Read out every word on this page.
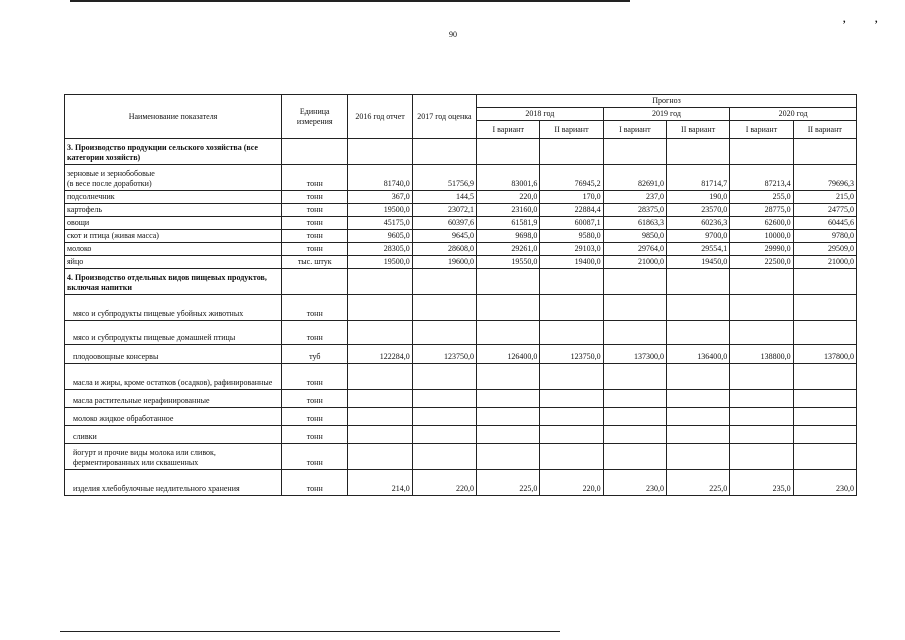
90
,	,
Наименование показателя	Единица измерения	2016 год отчет	2017 год оценка	Прогноз					
				2018 год		2019 год		2020 год	
				I вариант	II вариант	I вариант	II вариант	I вариант	II вариант
3. Производство продукции сельского хозяйства (все категории хозяйств)									
зерновые и зернобобовые
(в весе после доработки)	тонн	81740,0	51756,9	83001,6	76945,2	82691,0	81714,7	87213,4	79696,3
подсолнечник	тонн	367,0	144,5	220,0	170,0	237,0	190,0	255,0	215,0
картофель	тонн	19500,0	23072,1	23160,0	22884,4	28375,0	23570,0	28775,0	24775,0
овощи	тонн	45175,0	60397,6	61581,9	60087,1	61863,3	60236,3	62600,0	60445,6
скот и птица (живая масса)	тонн	9605,0	9645,0	9698,0	9580,0	9850,0	9700,0	10000,0	9780,0
молоко	тонн	28305,0	28608,0	29261,0	29103,0	29764,0	29554,1	29990,0	29509,0
яйцо	тыс. штук	19500,0	19600,0	19550,0	19400,0	21000,0	19450,0	22500,0	21000,0
4. Производство отдельных видов пищевых продуктов, включая напитки									
мясо и субпродукты пищевые убойных животных	тонн								
мясо и субпродукты пищевые домашней птицы	тонн								
плодоовощные консервы	туб	122284,0	123750,0	126400,0	123750,0	137300,0	136400,0	138800,0	137800,0
масла и жиры, кроме остатков (осадков), рафинированные	тонн								
масла растительные нерафинированные	тонн								
молоко жидкое обработанное	тонн								
сливки	тонн								
йогурт и прочие виды молока или сливок, ферментированных или сквашенных	тонн								
изделия хлебобулочные недлительного хранения	тонн	214,0	220,0	225,0	220,0	230,0	225,0	235,0	230,0
